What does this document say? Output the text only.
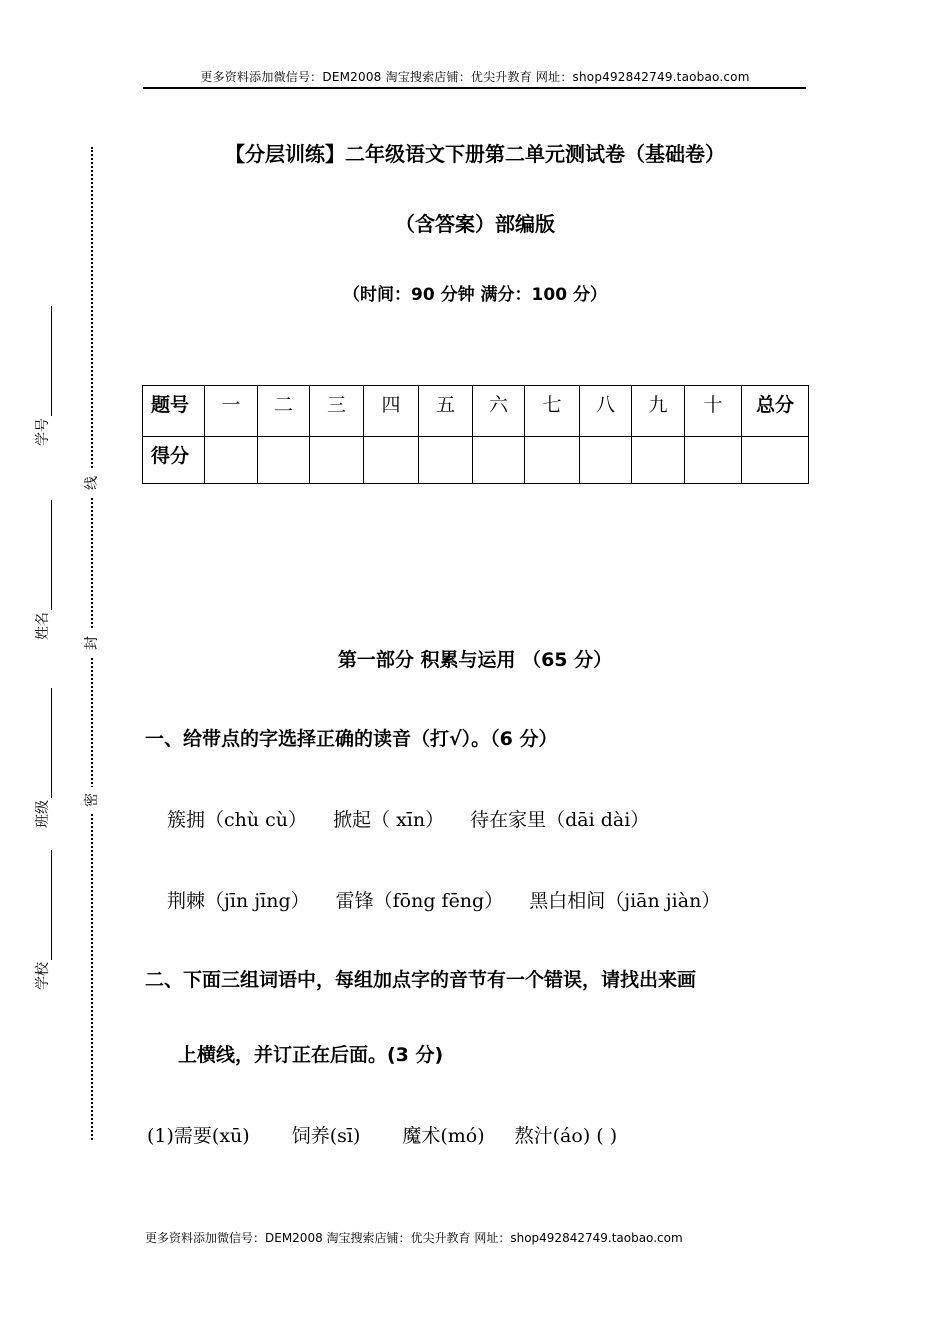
更多资料添加微信号：DEM2008 淘宝搜索店铺：优尖升教育 网址：shop492842749.taobao.com
线
封
密
学号
姓名
班级
学校
【分层训练】二年级语文下册第二单元测试卷（基础卷）
（含答案）部编版
（时间：90 分钟 满分：100 分）
题号	一	二	三	四	五	六	七	八	九	十	总分
得分											
第一部分 积累与运用 （65 分）
一、给带点的字选择正确的读音（打√）。（6 分）
簇拥（chù cù） 掀起（ xīn） 待在家里（dāi dài）
荆棘（jīn jīng） 雷锋（fōng fēng） 黑白相间（jiān jiàn）
二、下面三组词语中，每组加点字的音节有一个错误，请找出来画
上横线，并订正在后面。(3 分)
(1)需要(xū) 饲养(sī) 魔术(mó) 熬汁(áo) ( )
更多资料添加微信号：DEM2008 淘宝搜索店铺：优尖升教育 网址：shop492842749.taobao.com
